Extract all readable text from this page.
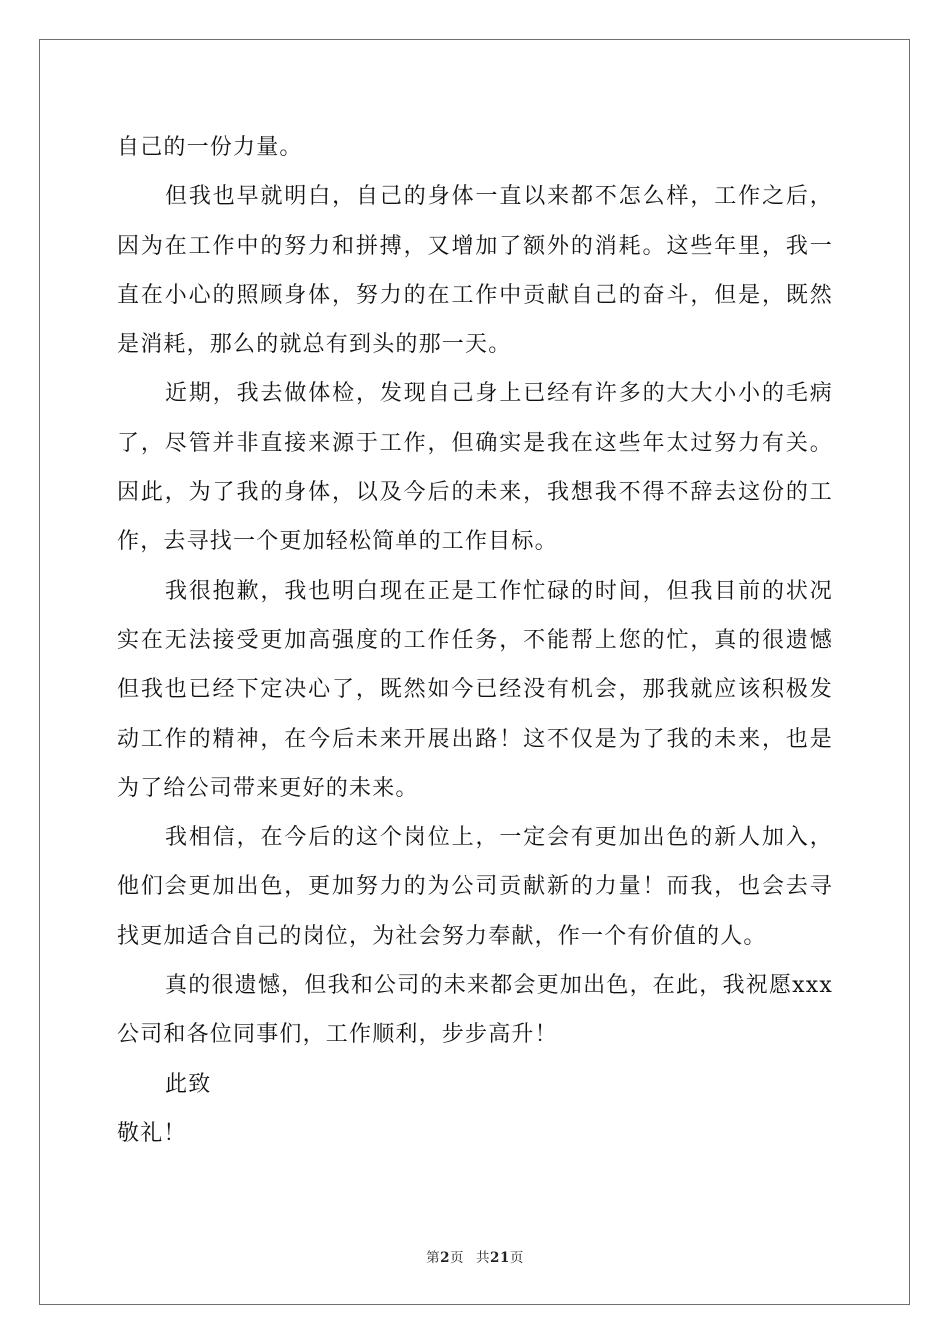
自己的一份力量。

但我也早就明白，自己的身体一直以来都不怎么样，工作之后，因为在工作中的努力和拼搏，又增加了额外的消耗。这些年里，我一直在小心的照顾身体，努力的在工作中贡献自己的奋斗，但是，既然是消耗，那么的就总有到头的那一天。

近期，我去做体检，发现自己身上已经有许多的大大小小的毛病了，尽管并非直接来源于工作，但确实是我在这些年太过努力有关。因此，为了我的身体，以及今后的未来，我想我不得不辞去这份的工作，去寻找一个更加轻松简单的工作目标。

我很抱歉，我也明白现在正是工作忙碌的时间，但我目前的状况实在无法接受更加高强度的工作任务，不能帮上您的忙，真的很遗憾但我也已经下定决心了，既然如今已经没有机会，那我就应该积极发动工作的精神，在今后未来开展出路！这不仅是为了我的未来，也是为了给公司带来更好的未来。

我相信，在今后的这个岗位上，一定会有更加出色的新人加入，他们会更加出色，更加努力的为公司贡献新的力量！而我，也会去寻找更加适合自己的岗位，为社会努力奉献，作一个有价值的人。

真的很遗憾，但我和公司的未来都会更加出色，在此，我祝愿xxx公司和各位同事们，工作顺利，步步高升！

此致

敬礼！

第2页 共21页
